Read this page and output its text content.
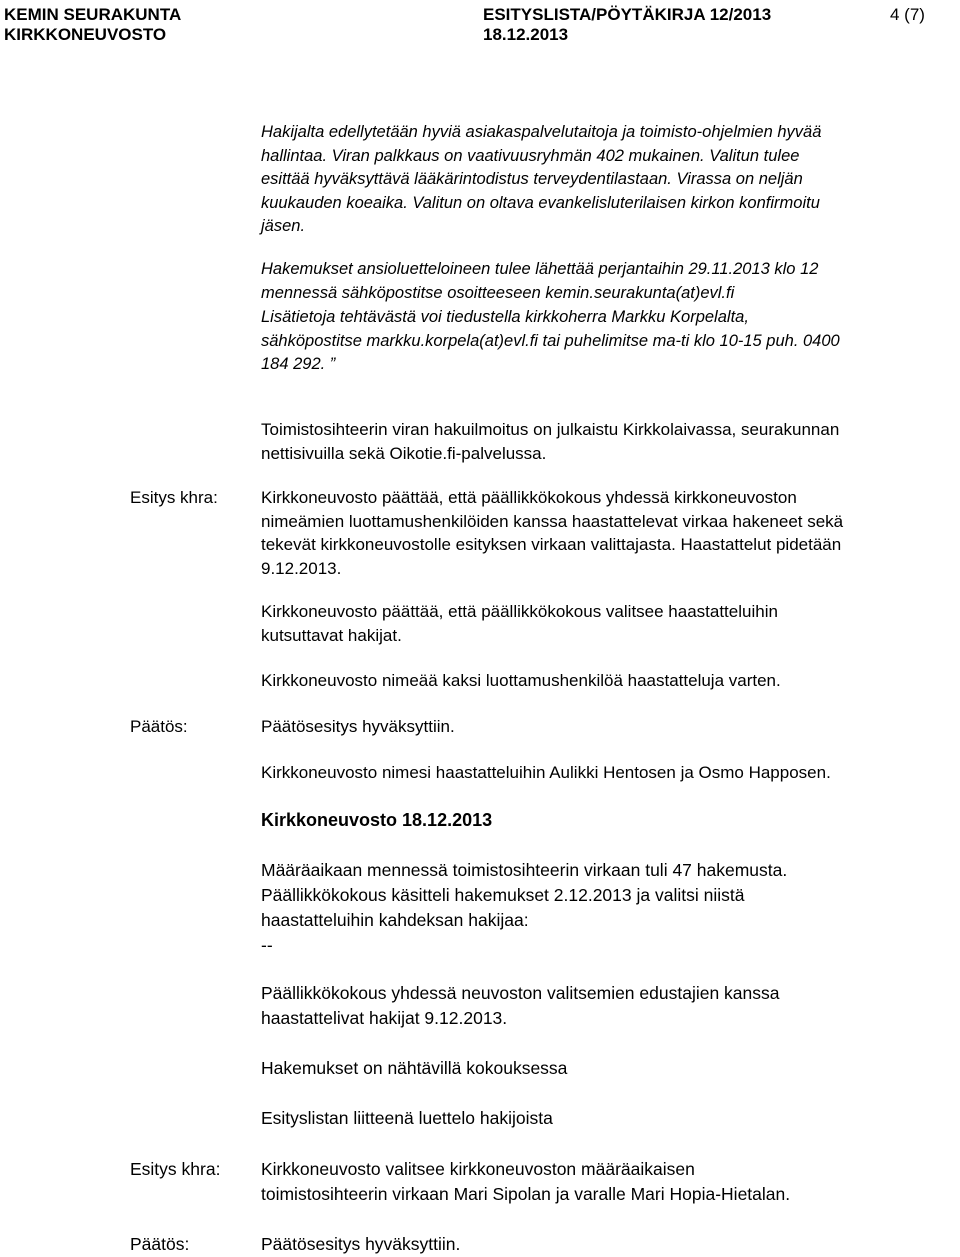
KEMIN SEURAKUNTA
KIRKKONEUVOSTO
ESITYSLISTA/PÖYTÄKIRJA 12/2013
18.12.2013
4 (7)
Hakijalta edellytetään hyviä asiakaspalvelutaitoja ja toimisto-ohjelmien hyvää
hallintaa. Viran palkkaus on vaativuusryhmän 402 mukainen. Valitun tulee
esittää hyväksyttävä lääkärintodistus terveydentilastaan. Virassa on neljän
kuukauden koeaika. Valitun on oltava evankelisluterilaisen kirkon konfirmoitu
jäsen.
Hakemukset ansioluetteloineen tulee lähettää perjantaihin 29.11.2013 klo 12
mennessä sähköpostitse osoitteeseen kemin.seurakunta(at)evl.fi
Lisätietoja tehtävästä voi tiedustella kirkkoherra Markku Korpelalta,
sähköpostitse markku.korpela(at)evl.fi tai puhelimitse ma-ti klo 10-15 puh. 0400
184 292. ”
Toimistosihteerin viran hakuilmoitus on julkaistu Kirkkolaivassa, seurakunnan
nettisivuilla sekä Oikotie.fi-palvelussa.
Esitys khra:	Kirkkoneuvosto päättää, että päällikkökokous yhdessä kirkkoneuvoston
nimeämien luottamushenkilöiden kanssa haastattelevat virkaa hakeneet sekä
tekevät kirkkoneuvostolle esityksen virkaan valittajasta. Haastattelut pidetään
9.12.2013.
Kirkkoneuvosto päättää, että päällikkökokous valitsee haastatteluihin
kutsuttavat hakijat.
Kirkkoneuvosto nimeää kaksi luottamushenkilöä haastatteluja varten.
Päätös:	Päätösesitys hyväksyttiin.
Kirkkoneuvosto nimesi haastatteluihin Aulikki Hentosen ja Osmo Happosen.
Kirkkoneuvosto 18.12.2013
Määräaikaan mennessä toimistosihteerin virkaan tuli 47 hakemusta.
Päällikkökokous käsitteli hakemukset 2.12.2013 ja valitsi niistä
haastatteluihin kahdeksan hakijaa:
--
Päällikkökokous yhdessä neuvoston valitsemien edustajien kanssa
haastattelivat hakijat 9.12.2013.
Hakemukset on nähtävillä kokouksessa
Esityslistan liitteenä luettelo hakijoista
Esitys khra: Kirkkoneuvosto valitsee kirkkoneuvoston määräaikaisen
toimistosihteerin virkaan Mari Sipolan ja varalle Mari Hopia-Hietalan.
Päätös:	Päätösesitys hyväksyttiin.
